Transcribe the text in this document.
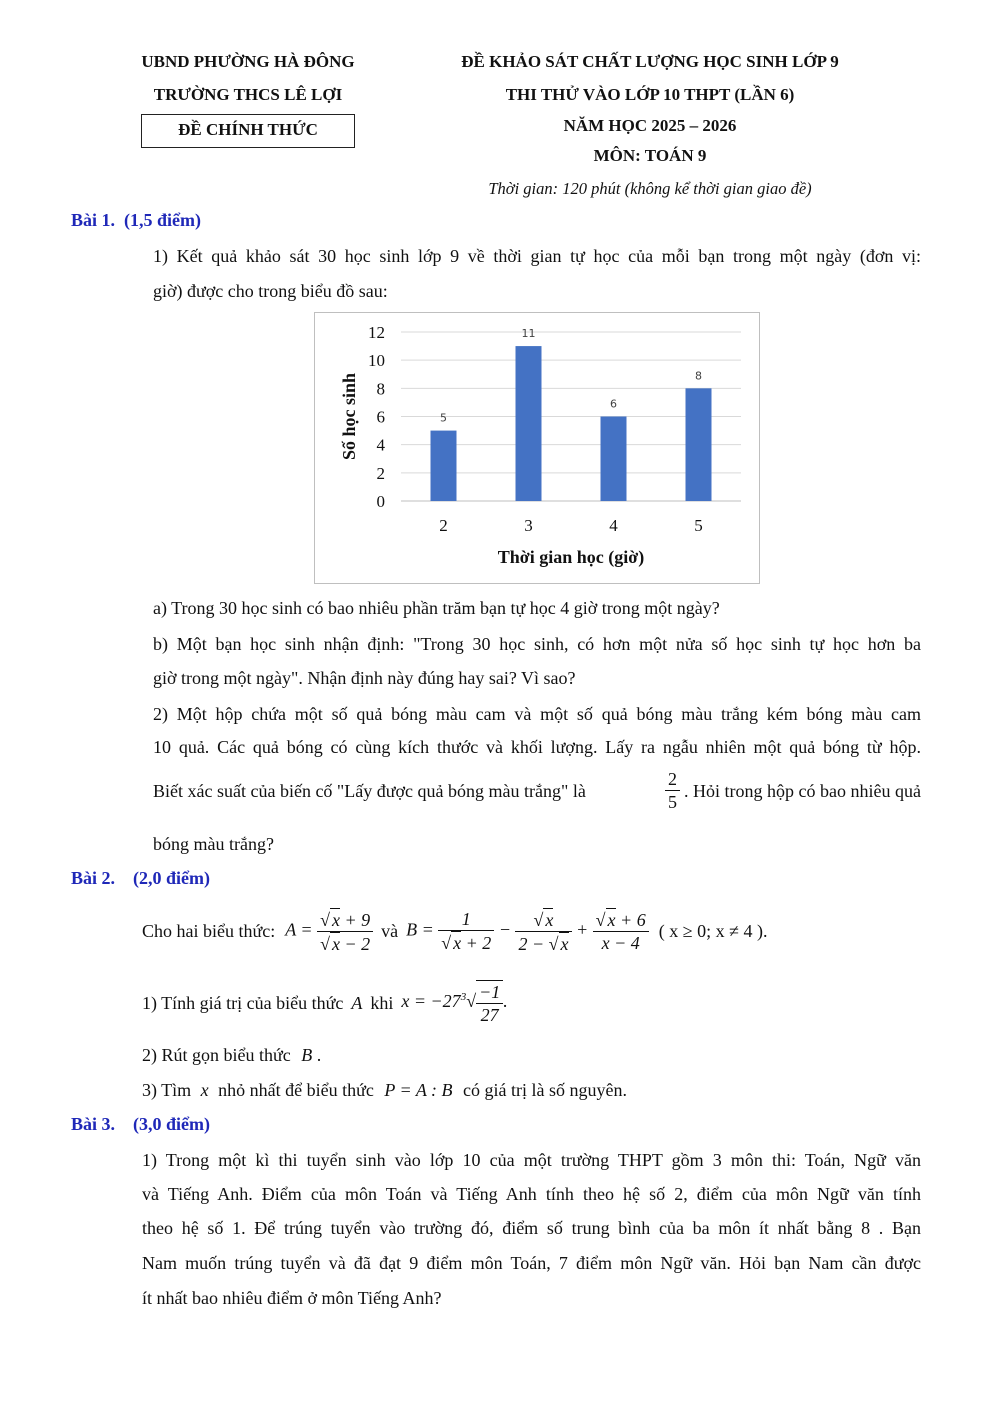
UBND PHƯỜNG HÀ ĐÔNG
TRƯỜNG THCS LÊ LỢI
ĐỀ CHÍNH THỨC
ĐỀ KHẢO SÁT CHẤT LƯỢNG HỌC SINH LỚP 9
THI THỬ VÀO LỚP 10 THPT (LẦN 6)
NĂM HỌC 2025 – 2026
MÔN: TOÁN 9
Thời gian: 120 phút (không kể thời gian giao đề)
Bài 1. (1,5 điểm)
1) Kết quả khảo sát 30 học sinh lớp 9 về thời gian tự học của mỗi bạn trong một ngày (đơn vị:
giờ) được cho trong biểu đồ sau:
0
2
4
6
8
10
12
5
2
11
3
6
4
8
5
Thời gian học (giờ)
Số học sinh
a) Trong 30 học sinh có bao nhiêu phần trăm bạn tự học 4 giờ trong một ngày?
b) Một bạn học sinh nhận định: "Trong 30 học sinh, có hơn một nửa số học sinh tự học hơn ba
giờ trong một ngày". Nhận định này đúng hay sai? Vì sao?
2) Một hộp chứa một số quả bóng màu cam và một số quả bóng màu trắng kém bóng màu cam
10 quả. Các quả bóng có cùng kích thước và khối lượng. Lấy ra ngẫu nhiên một quả bóng từ hộp.
Biết xác suất của biến cố "Lấy được quả bóng màu trắng" là	$\frac{2}{5}$ . Hỏi trong hộp có bao nhiêu quả
bóng màu trắng?
Bài 2. (2,0 điểm)
Cho hai biểu thức: $A = \frac{√ x + 9}{√ x - 2}$ và $B = \frac{1}{√ x + 2} - \frac{√ x}{2 - √ x} + \frac{√ x + 6}{x - 4}$ ( x ≥ 0; x ≠ 4 ).
1) Tính giá trị của biểu thức A khi $x = -27^3√ \frac{-1}{27}$ .
2) Rút gọn biểu thức B .
3) Tìm x nhỏ nhất để biểu thức P = A : B có giá trị là số nguyên.
Bài 3. (3,0 điểm)
1) Trong một kì thi tuyển sinh vào lớp 10 của một trường THPT gồm 3 môn thi: Toán, Ngữ văn
và Tiếng Anh. Điểm của môn Toán và Tiếng Anh tính theo hệ số 2, điểm của môn Ngữ văn tính
theo hệ số 1. Để trúng tuyển vào trường đó, điểm số trung bình của ba môn ít nhất bằng 8 . Bạn
Nam muốn trúng tuyển và đã đạt 9 điểm môn Toán, 7 điểm môn Ngữ văn. Hỏi bạn Nam cần được
ít nhất bao nhiêu điểm ở môn Tiếng Anh?
